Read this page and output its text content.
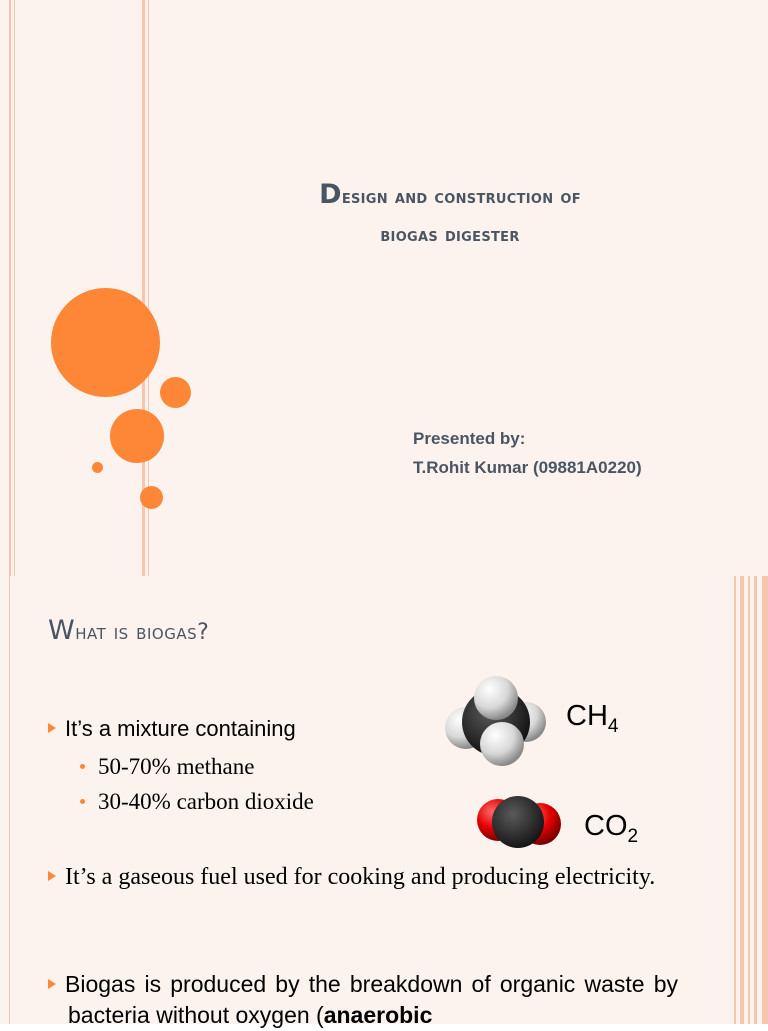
Design and construction of
biogas digester
Presented by:
T.Rohit Kumar (09881A0220)
What is biogas?
It’s a mixture containing
50-70% methane
30-40% carbon dioxide
It’s a gaseous fuel used for cooking and producing electricity.
Biogas is produced by the breakdown of organic waste by bacteria without oxygen (anaerobic
$CH_4$
$CO_2$
